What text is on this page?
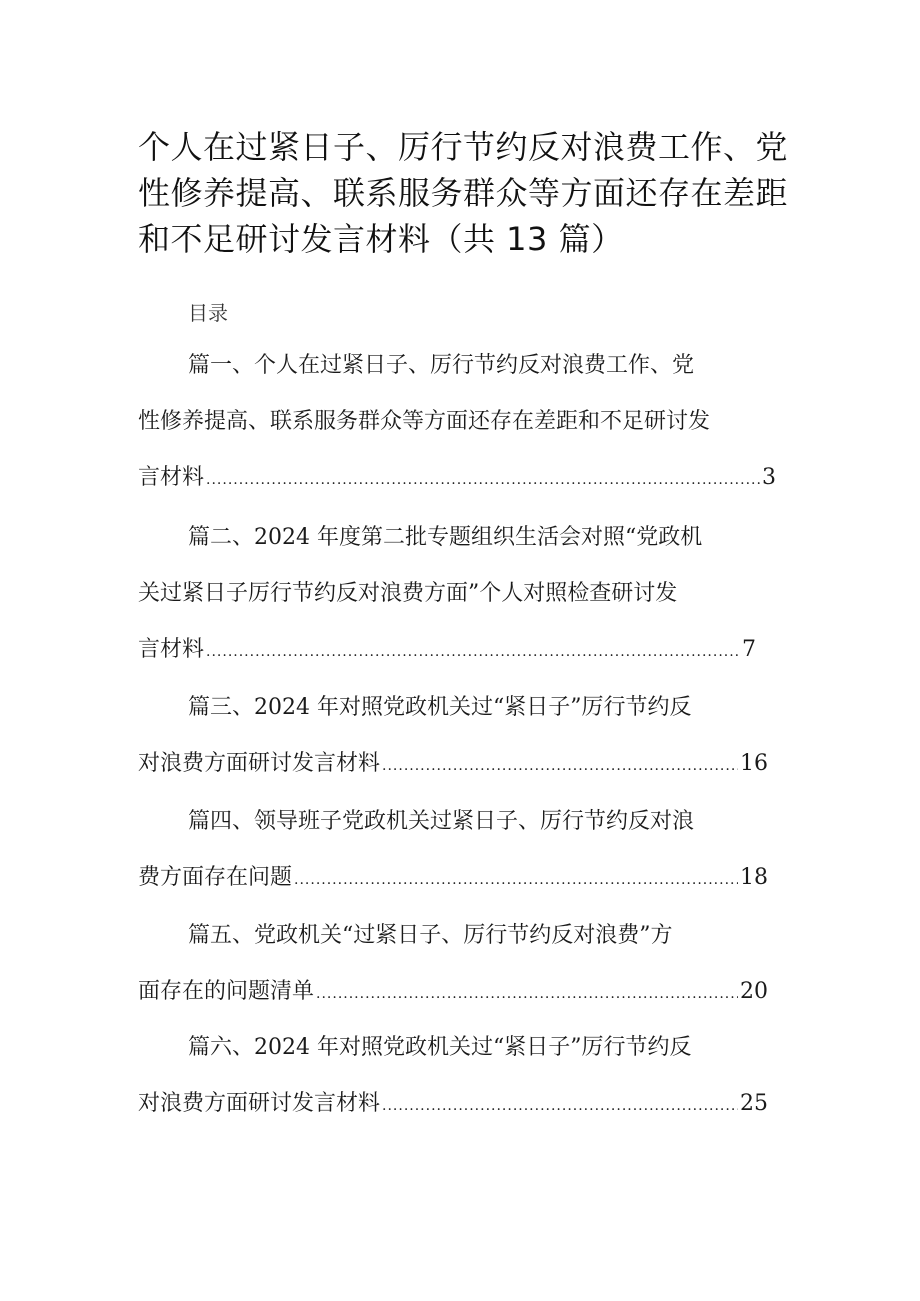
个人在过紧日子、厉行节约反对浪费工作、党
性修养提高、联系服务群众等方面还存在差距
和不足研讨发言材料（共 13 篇）
目录
篇一、个人在过紧日子、厉行节约反对浪费工作、党
性修养提高、联系服务群众等方面还存在差距和不足研讨发
言材料 .....	3
篇二、2024 年度第二批专题组织生活会对照“党政机
关过紧日子厉行节约反对浪费方面”个人对照检查研讨发
言材料 .....	7
篇三、2024 年对照党政机关过“紧日子”厉行节约反
对浪费方面研讨发言材料 .....	16
篇四、领导班子党政机关过紧日子、厉行节约反对浪
费方面存在问题 .....	18
篇五、党政机关“过紧日子、厉行节约反对浪费”方
面存在的问题清单 .....	20
篇六、2024 年对照党政机关过“紧日子”厉行节约反
对浪费方面研讨发言材料 .....	25
